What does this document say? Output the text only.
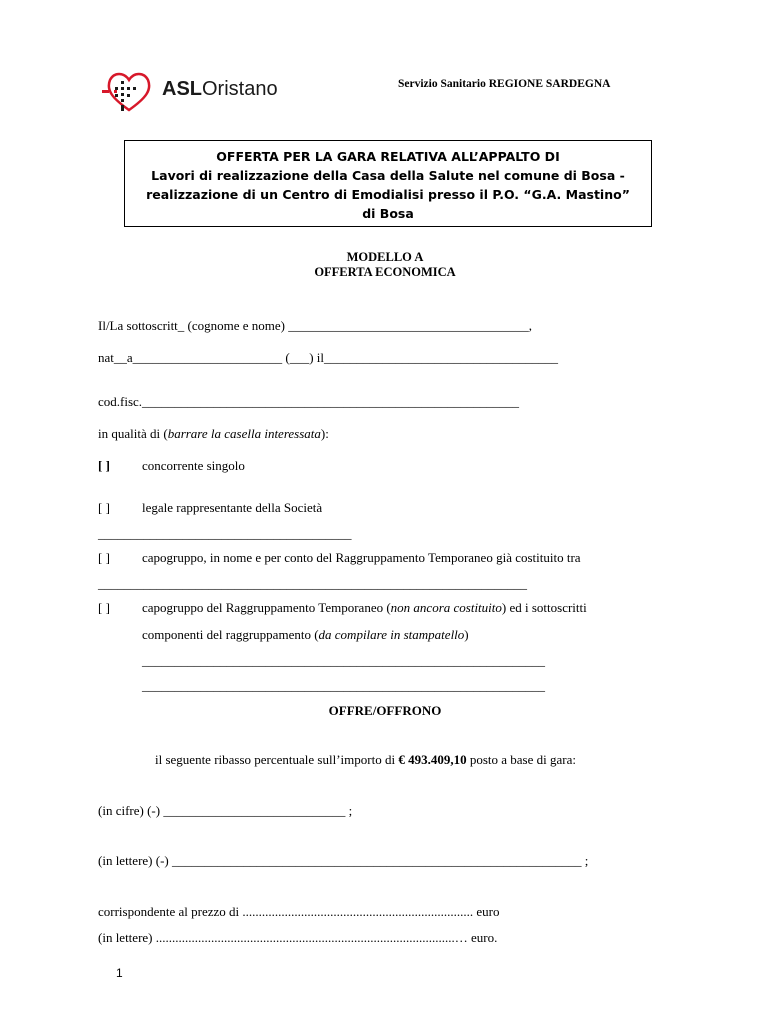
ASLOristano	Servizio Sanitario REGIONE SARDEGNA
OFFERTA PER LA GARA RELATIVA ALL’APPALTO DI
Lavori di realizzazione della Casa della Salute nel comune di Bosa -
realizzazione di un Centro di Emodialisi presso il P.O. “G.A. Mastino”
di Bosa
MODELLO A
OFFERTA ECONOMICA
Il/La sottoscritt_ (cognome e nome) _____________________________________,
nat__a_______________________ (___) il____________________________________
cod.fisc.__________________________________________________________
in qualità di (barrare la casella interessata):
[ ] concorrente singolo
[ ] legale rappresentante della Società
_______________________________________
[ ] capogruppo, in nome e per conto del Raggruppamento Temporaneo già costituito tra
__________________________________________________________________
[ ] capogruppo del Raggruppamento Temporaneo (non ancora costituito) ed i sottoscritti
componenti del raggruppamento (da compilare in stampatello)
______________________________________________________________
______________________________________________________________
OFFRE/OFFRONO
il seguente ribasso percentuale sull’importo di € 493.409,10 posto a base di gara:
(in cifre) (-) ____________________________ ;
(in lettere) (-) _______________________________________________________________ ;
corrispondente al prezzo di ....................................................................... euro
(in lettere) ............................................................................................… euro.
1
